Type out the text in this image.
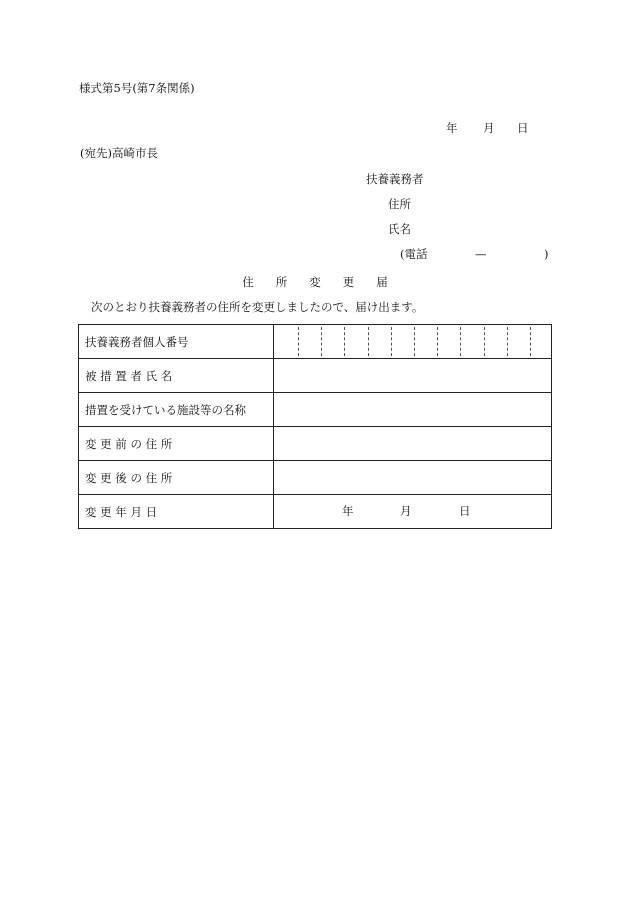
様式第5号(第7条関係)
年 月 日
(宛先)高崎市長
扶養義務者
住所
氏名
(電話	—	)
住 所 変 更 届
次のとおり扶養義務者の住所を変更しましたので、届け出ます。
扶養義務者個人番号	

被 措 置 者 氏 名	
措置を受けている施設等の名称	
変 更 前 の 住 所	
変 更 後 の 住 所	
変 更 年 月 日	年 月 日
